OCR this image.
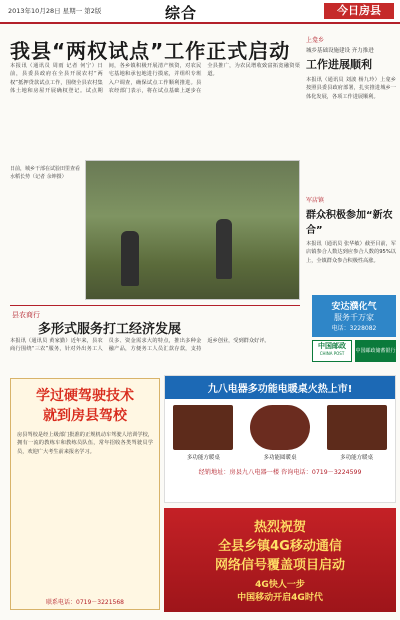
2013年10月28日 星期一 第2版	综合	今日房县
我县“两权试点”工作正式启动
本报讯（通讯员 周雨 记者 何宁）日前，县委县政府在全县开展农村“两权”抵押贷款试点工作，围绕全县农村集体土地和房屋开展确权登记。试点期间，各乡镇积极开展清产核资，对农民宅基地和承包地进行摸底，并组织专班入户调查，确保试点工作顺利推进。县农经部门表示，将在试点基础上逐步在全县推广，为农民增收致富拓宽融资渠道。
日前，城乡干部在试验田里查看水稻长势（记者 余坤摄）
县农商行
多形式服务打工经济发展
本报讯（通讯员 黄家勤）近年来，县农商行围绕“三农”服务，针对外出务工人员多、资金需求大的特点，推出多种金融产品，方便务工人员汇款存款，支持返乡创业，受到群众好评。
上龛乡
城乡基础设施建设 齐力推进
工作进展顺利
本报讯（通讯员 刘波 杨九玲）上龛乡按照县委县政府部署，扎实推进城乡一体化发展，各项工作进展顺利。
军店镇
群众积极参加“新农合”
本报讯（通讯员 张华敏）截至目前，军店镇参合人数达到应参合人数的95%以上，全镇群众参合积极性高涨。
安达濮化气
服务千万家
电话：3228082
中国邮政
CHINA POST	中国邮政储蓄银行
学过硬驾驶技术
就到房县驾校
房县驾校是经上级部门批准的正规机动车驾驶人培训学校，拥有一流的教练车和教练员队伍，常年招收各类驾驶员学员，欢迎广大考生前来报名学习。
联系电话：0719－3221568
九八电器多功能电暖桌火热上市!
多功能方暖桌	多功能圆暖桌	多功能方暖桌
经销地址：房县九八电器一楼 咨询电话：0719－3224599
热烈祝贺
全县乡镇4G移动通信
网络信号覆盖项目启动
4G快人一步
中国移动开启4G时代
